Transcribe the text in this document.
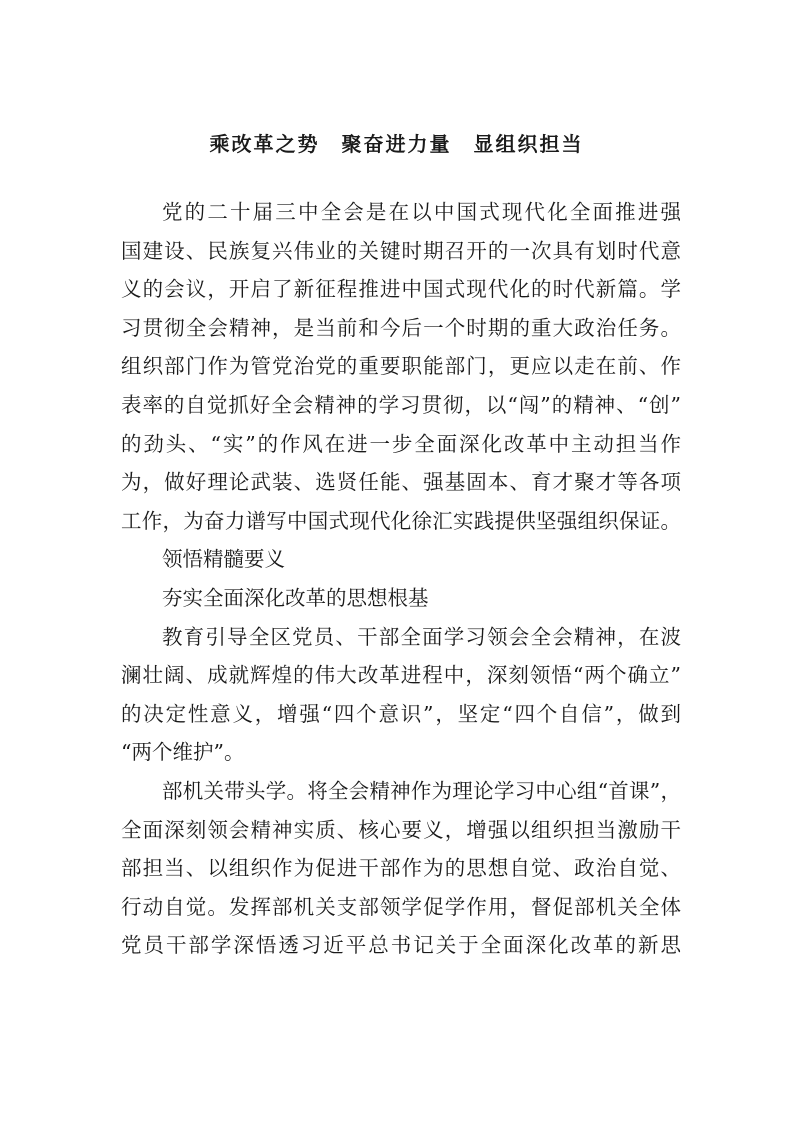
乘改革之势　聚奋进力量　显组织担当
党的二十届三中全会是在以中国式现代化全面推进强
国建设、民族复兴伟业的关键时期召开的一次具有划时代意
义的会议，开启了新征程推进中国式现代化的时代新篇。学
习贯彻全会精神，是当前和今后一个时期的重大政治任务。
组织部门作为管党治党的重要职能部门，更应以走在前、作
表率的自觉抓好全会精神的学习贯彻，以“闯”的精神、“创”
的劲头、“实”的作风在进一步全面深化改革中主动担当作
为，做好理论武装、选贤任能、强基固本、育才聚才等各项
工作，为奋力谱写中国式现代化徐汇实践提供坚强组织保证。
领悟精髓要义
夯实全面深化改革的思想根基
教育引导全区党员、干部全面学习领会全会精神，在波
澜壮阔、成就辉煌的伟大改革进程中，深刻领悟“两个确立”
的决定性意义，增强“四个意识”，坚定“四个自信”，做到
“两个维护”。
部机关带头学。将全会精神作为理论学习中心组“首课”，
全面深刻领会精神实质、核心要义，增强以组织担当激励干
部担当、以组织作为促进干部作为的思想自觉、政治自觉、
行动自觉。发挥部机关支部领学促学作用，督促部机关全体
党员干部学深悟透习近平总书记关于全面深化改革的新思
